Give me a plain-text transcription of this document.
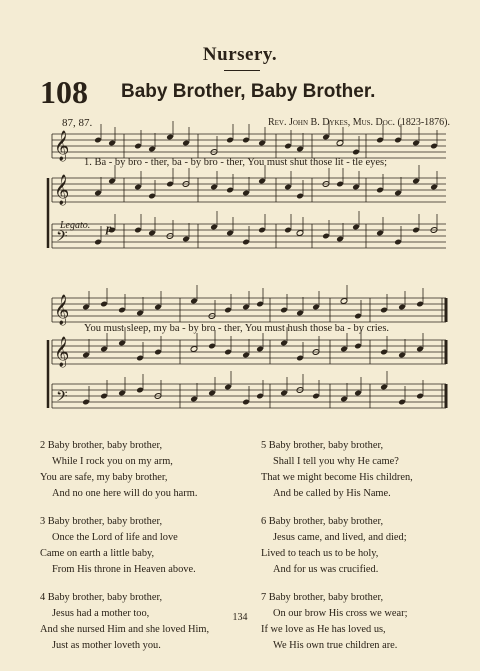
Nursery.
108 Baby Brother, Baby Brother.
87, 87.	Rev. John B. Dykes, Mus. Doc. (1823-1876).
𝄞
𝄞
𝄢
𝄞
𝄞
𝄢
p
1. Ba - by bro - ther, ba - by bro - ther, You must shut those lit - tle eyes;
You must sleep, my ba - by bro - ther, You must hush those ba - by cries.
Legato.
2 Baby brother, baby brother,
While I rock you on my arm,
You are safe, my baby brother,
And no one here will do you harm.
3 Baby brother, baby brother,
Once the Lord of life and love
Came on earth a little baby,
From His throne in Heaven above.
4 Baby brother, baby brother,
Jesus had a mother too,
And she nursed Him and she loved Him,
Just as mother loveth you.
5 Baby brother, baby brother,
Shall I tell you why He came?
That we might become His children,
And be called by His Name.
6 Baby brother, baby brother,
Jesus came, and lived, and died;
Lived to teach us to be holy,
And for us was crucified.
7 Baby brother, baby brother,
On our brow His cross we wear;
If we love as He has loved us,
We His own true children are.
134
